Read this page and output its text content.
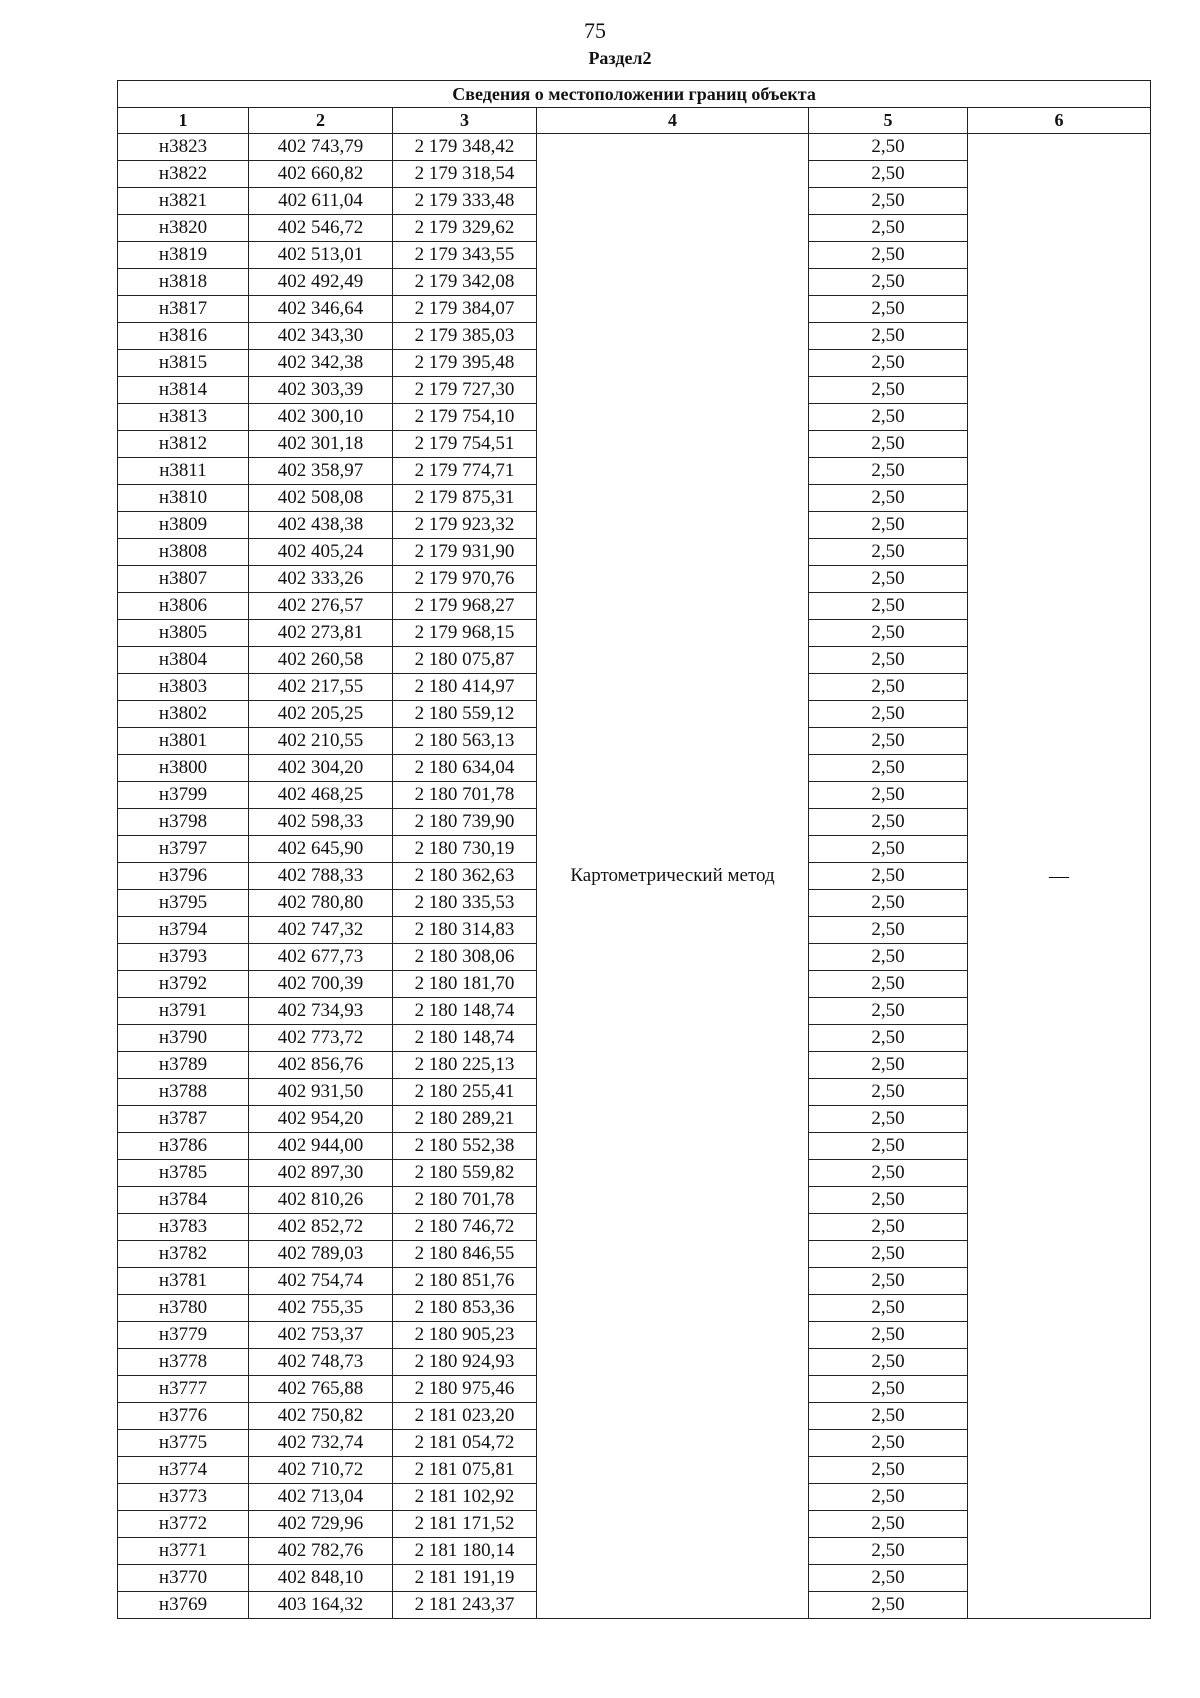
75
Раздел2
Сведения о местоположении границ объекта					
1	2	3	4	5	6
н3823	402 743,79	2 179 348,42	Картометрический метод	2,50	—
н3822	402 660,82	2 179 318,54		2,50	
н3821	402 611,04	2 179 333,48		2,50	
н3820	402 546,72	2 179 329,62		2,50	
н3819	402 513,01	2 179 343,55		2,50	
н3818	402 492,49	2 179 342,08		2,50	
н3817	402 346,64	2 179 384,07		2,50	
н3816	402 343,30	2 179 385,03		2,50	
н3815	402 342,38	2 179 395,48		2,50	
н3814	402 303,39	2 179 727,30		2,50	
н3813	402 300,10	2 179 754,10		2,50	
н3812	402 301,18	2 179 754,51		2,50	
н3811	402 358,97	2 179 774,71		2,50	
н3810	402 508,08	2 179 875,31		2,50	
н3809	402 438,38	2 179 923,32		2,50	
н3808	402 405,24	2 179 931,90		2,50	
н3807	402 333,26	2 179 970,76		2,50	
н3806	402 276,57	2 179 968,27		2,50	
н3805	402 273,81	2 179 968,15		2,50	
н3804	402 260,58	2 180 075,87		2,50	
н3803	402 217,55	2 180 414,97		2,50	
н3802	402 205,25	2 180 559,12		2,50	
н3801	402 210,55	2 180 563,13		2,50	
н3800	402 304,20	2 180 634,04		2,50	
н3799	402 468,25	2 180 701,78		2,50	
н3798	402 598,33	2 180 739,90		2,50	
н3797	402 645,90	2 180 730,19		2,50	
н3796	402 788,33	2 180 362,63		2,50	
н3795	402 780,80	2 180 335,53		2,50	
н3794	402 747,32	2 180 314,83		2,50	
н3793	402 677,73	2 180 308,06		2,50	
н3792	402 700,39	2 180 181,70		2,50	
н3791	402 734,93	2 180 148,74		2,50	
н3790	402 773,72	2 180 148,74		2,50	
н3789	402 856,76	2 180 225,13		2,50	
н3788	402 931,50	2 180 255,41		2,50	
н3787	402 954,20	2 180 289,21		2,50	
н3786	402 944,00	2 180 552,38		2,50	
н3785	402 897,30	2 180 559,82		2,50	
н3784	402 810,26	2 180 701,78		2,50	
н3783	402 852,72	2 180 746,72		2,50	
н3782	402 789,03	2 180 846,55		2,50	
н3781	402 754,74	2 180 851,76		2,50	
н3780	402 755,35	2 180 853,36		2,50	
н3779	402 753,37	2 180 905,23		2,50	
н3778	402 748,73	2 180 924,93		2,50	
н3777	402 765,88	2 180 975,46		2,50	
н3776	402 750,82	2 181 023,20		2,50	
н3775	402 732,74	2 181 054,72		2,50	
н3774	402 710,72	2 181 075,81		2,50	
н3773	402 713,04	2 181 102,92		2,50	
н3772	402 729,96	2 181 171,52		2,50	
н3771	402 782,76	2 181 180,14		2,50	
н3770	402 848,10	2 181 191,19		2,50	
н3769	403 164,32	2 181 243,37		2,50	
